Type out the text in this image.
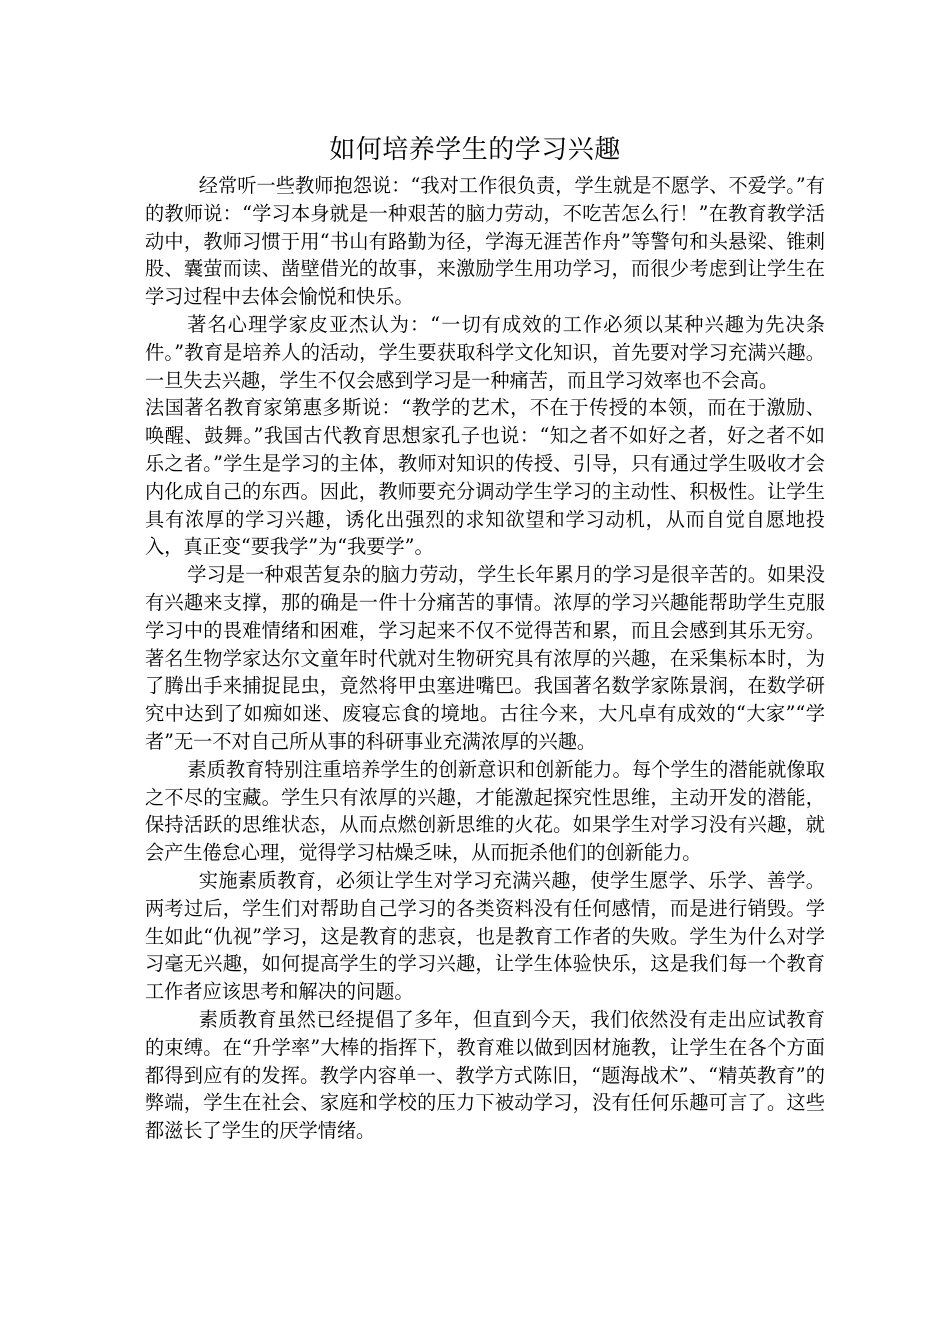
如何培养学生的学习兴趣

经常听一些教师抱怨说：“我对工作很负责，学生就是不愿学、不爱学。”有的教师说：“学习本身就是一种艰苦的脑力劳动，不吃苦怎么行！”在教育教学活动中，教师习惯于用“书山有路勤为径，学海无涯苦作舟”等警句和头悬梁、锥刺股、囊萤而读、凿壁借光的故事，来激励学生用功学习，而很少考虑到让学生在学习过程中去体会愉悦和快乐。

著名心理学家皮亚杰认为：“一切有成效的工作必须以某种兴趣为先决条件。”教育是培养人的活动，学生要获取科学文化知识，首先要对学习充满兴趣。一旦失去兴趣，学生不仅会感到学习是一种痛苦，而且学习效率也不会高。

法国著名教育家第惠多斯说：“教学的艺术，不在于传授的本领，而在于激励、唤醒、鼓舞。”我国古代教育思想家孔子也说：“知之者不如好之者，好之者不如乐之者。”学生是学习的主体，教师对知识的传授、引导，只有通过学生吸收才会内化成自己的东西。因此，教师要充分调动学生学习的主动性、积极性。让学生具有浓厚的学习兴趣，诱化出强烈的求知欲望和学习动机，从而自觉自愿地投入，真正变“要我学”为“我要学”。

学习是一种艰苦复杂的脑力劳动，学生长年累月的学习是很辛苦的。如果没有兴趣来支撑，那的确是一件十分痛苦的事情。浓厚的学习兴趣能帮助学生克服学习中的畏难情绪和困难，学习起来不仅不觉得苦和累，而且会感到其乐无穷。著名生物学家达尔文童年时代就对生物研究具有浓厚的兴趣，在采集标本时，为了腾出手来捕捉昆虫，竟然将甲虫塞进嘴巴。我国著名数学家陈景润，在数学研究中达到了如痴如迷、废寝忘食的境地。古往今来，大凡卓有成效的“大家”“学者”无一不对自己所从事的科研事业充满浓厚的兴趣。

素质教育特别注重培养学生的创新意识和创新能力。每个学生的潜能就像取之不尽的宝藏。学生只有浓厚的兴趣，才能激起探究性思维，主动开发的潜能，保持活跃的思维状态，从而点燃创新思维的火花。如果学生对学习没有兴趣，就会产生倦怠心理，觉得学习枯燥乏味，从而扼杀他们的创新能力。

实施素质教育，必须让学生对学习充满兴趣，使学生愿学、乐学、善学。两考过后，学生们对帮助自己学习的各类资料没有任何感情，而是进行销毁。学生如此“仇视”学习，这是教育的悲哀，也是教育工作者的失败。学生为什么对学习毫无兴趣，如何提高学生的学习兴趣，让学生体验快乐，这是我们每一个教育工作者应该思考和解决的问题。

素质教育虽然已经提倡了多年，但直到今天，我们依然没有走出应试教育的束缚。在“升学率”大棒的指挥下，教育难以做到因材施教，让学生在各个方面都得到应有的发挥。教学内容单一、教学方式陈旧，“题海战术”、“精英教育”的弊端，学生在社会、家庭和学校的压力下被动学习，没有任何乐趣可言了。这些都滋长了学生的厌学情绪。
